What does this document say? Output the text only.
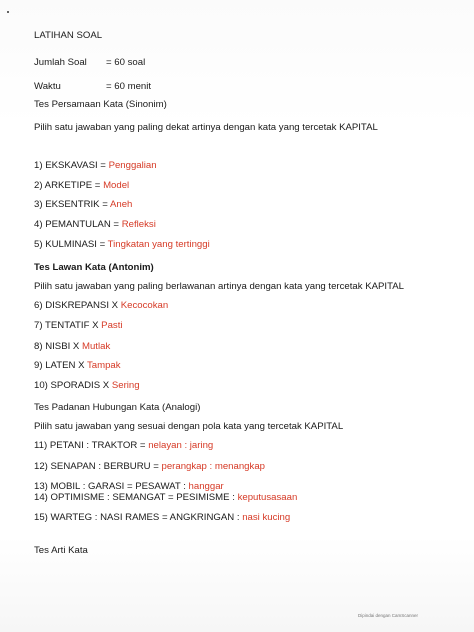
LATIHAN SOAL
Jumlah Soal = 60 soal
Waktu	= 60 menit
Tes Persamaan Kata (Sinonim)
Pilih satu jawaban yang paling dekat artinya dengan kata yang tercetak KAPITAL
1) EKSKAVASI = Penggalian
2) ARKETIPE = Model
3) EKSENTRIK = Aneh
4) PEMANTULAN = Refleksi
5) KULMINASI = Tingkatan yang tertinggi
Tes Lawan Kata (Antonim)
Pilih satu jawaban yang paling berlawanan artinya dengan kata yang tercetak KAPITAL
6) DISKREPANSI X Kecocokan
7) TENTATIF X Pasti
8) NISBI X Mutlak
9) LATEN X Tampak
10) SPORADIS X Sering
Tes Padanan Hubungan Kata (Analogi)
Pilih satu jawaban yang sesuai dengan pola kata yang tercetak KAPITAL
11) PETANI : TRAKTOR = nelayan : jaring
12) SENAPAN : BERBURU = perangkap : menangkap
13) MOBIL : GARASI = PESAWAT : hanggar
14) OPTIMISME : SEMANGAT = PESIMISME : keputusasaan
15) WARTEG : NASI RAMES = ANGKRINGAN : nasi kucing
Tes Arti Kata
Dipindai dengan CamScanner
